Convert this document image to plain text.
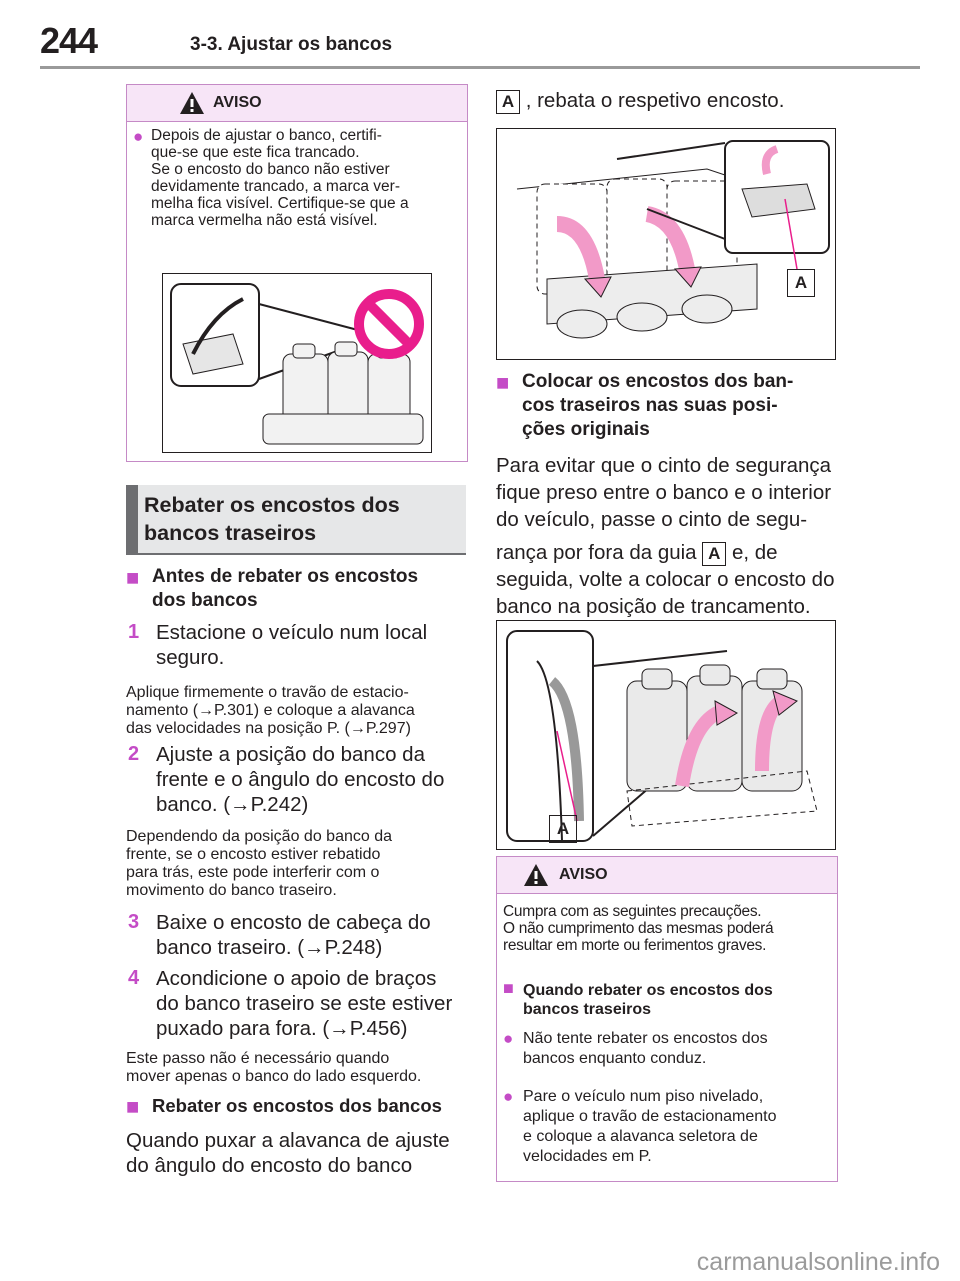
244	3-3. Ajustar os bancos
AVISO
● Depois de ajustar o banco, certifi-
que-se que este fica trancado.
Se o encosto do banco não estiver
devidamente trancado, a marca ver-
melha fica visível. Certifique-se que a
marca vermelha não está visível.
Rebater os encostos dos
bancos traseiros
■ Antes de rebater os encostos
dos bancos
1 Estacione o veículo num local
seguro.
Aplique firmemente o travão de estacio-
namento (→P.301) e coloque a alavanca
das velocidades na posição P. (→P.297)
2 Ajuste a posição do banco da
frente e o ângulo do encosto do
banco. (→P.242)
Dependendo da posição do banco da
frente, se o encosto estiver rebatido
para trás, este pode interferir com o
movimento do banco traseiro.
3 Baixe o encosto de cabeça do
banco traseiro. (→P.248)
4 Acondicione o apoio de braços
do banco traseiro se este estiver
puxado para fora. (→P.456)
Este passo não é necessário quando
mover apenas o banco do lado esquerdo.
■ Rebater os encostos dos bancos
Quando puxar a alavanca de ajuste
do ângulo do encosto do banco
A , rebata o respetivo encosto.
A
■ Colocar os encostos dos ban-
cos traseiros nas suas posi-
ções originais
Para evitar que o cinto de segurança
fique preso entre o banco e o interior
do veículo, passe o cinto de segu-
rança por fora da guia A e, de
seguida, volte a colocar o encosto do
banco na posição de trancamento.
A
AVISO
Cumpra com as seguintes precauções.
O não cumprimento das mesmas poderá
resultar em morte ou ferimentos graves.
■ Quando rebater os encostos dos
bancos traseiros
● Não tente rebater os encostos dos
bancos enquanto conduz.
● Pare o veículo num piso nivelado,
aplique o travão de estacionamento
e coloque a alavanca seletora de
velocidades em P.
carmanualsonline.info
